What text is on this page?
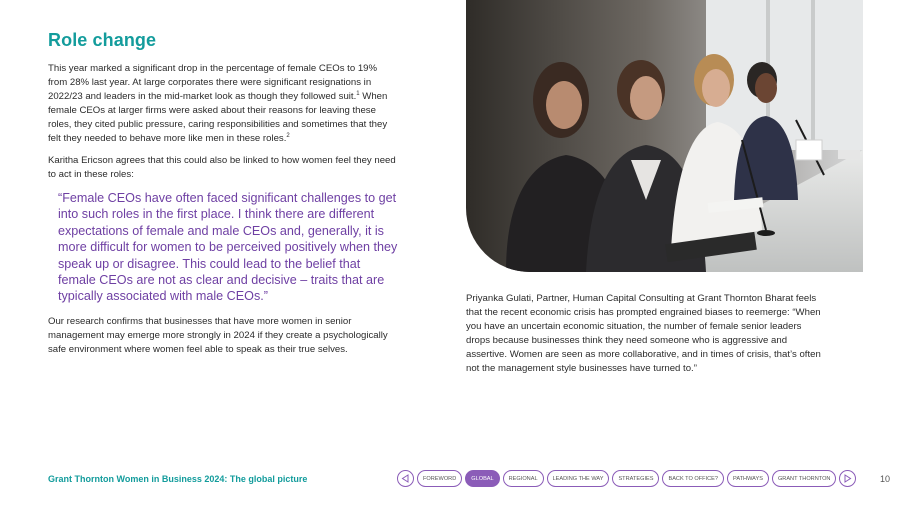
Role change

This year marked a significant drop in the percentage of female CEOs to 19% from 28% last year. At large corporates there were significant resignations in 2022/23 and leaders in the mid-market look as though they followed suit.$^1$ When female CEOs at larger firms were asked about their reasons for leaving these roles, they cited public pressure, caring responsibilities and sometimes that they felt they needed to behave more like men in these roles.$^2$

Karitha Ericson agrees that this could also be linked to how women feel they need to act in these roles:

“Female CEOs have often faced significant challenges to get into such roles in the first place. I think there are different expectations of female and male CEOs and, generally, it is more difficult for women to be perceived positively when they speak up or disagree. This could lead to the belief that female CEOs are not as clear and decisive – traits that are typically associated with male CEOs.”

Our research confirms that businesses that have more women in senior management may emerge more strongly in 2024 if they create a psychologically safe environment where women feel able to speak as their true selves.

Priyanka Gulati, Partner, Human Capital Consulting at Grant Thornton Bharat feels that the recent economic crisis has prompted engrained biases to reemerge: “When you have an uncertain economic situation, the number of female senior leaders drops because businesses think they need someone who is aggressive and assertive. Women are seen as more collaborative, and in times of crisis, that’s often not the management style businesses have turned to.”

Grant Thornton Women in Business 2024: The global picture	FOREWORD	GLOBAL	REGIONAL	LEADING THE WAY	STRATEGIES	BACK TO OFFICE?	PATHWAYS	GRANT THORNTON	10
